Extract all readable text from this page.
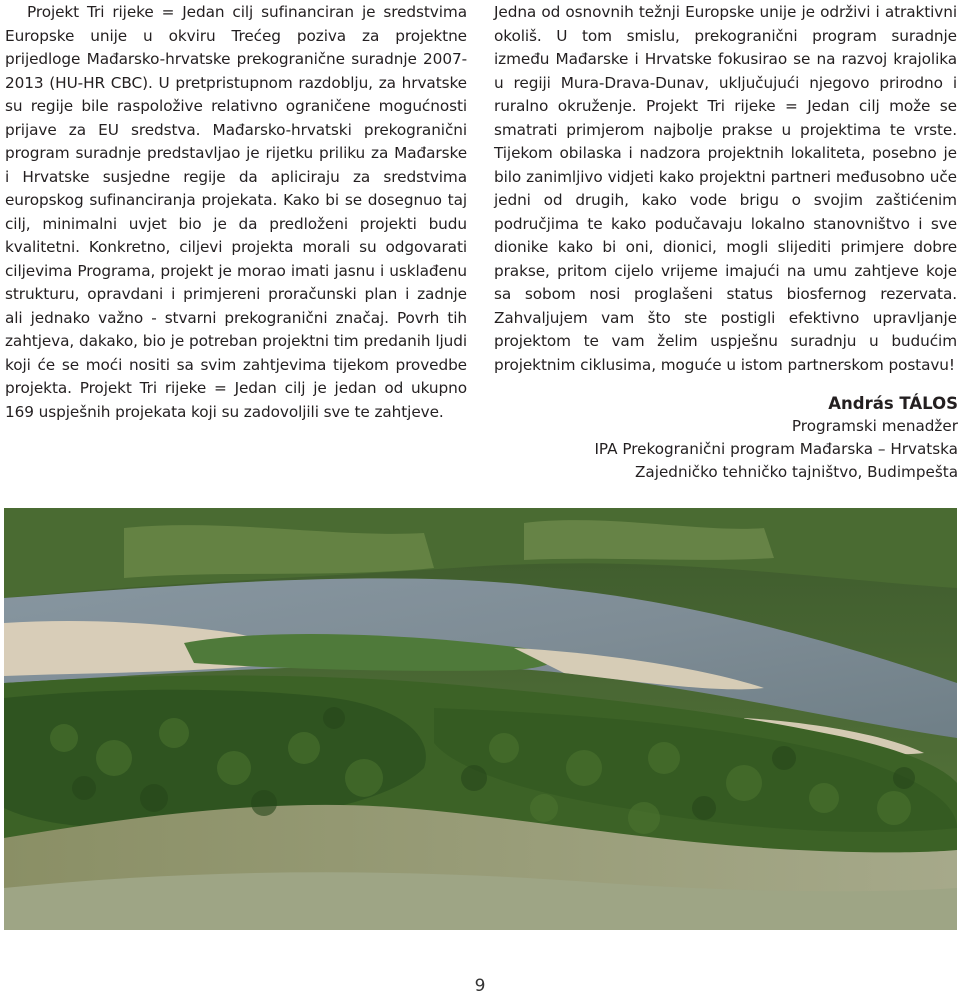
Projekt Tri rijeke = Jedan cilj sufinanciran je sredstvima Europske unije u okviru Trećeg poziva za projektne prijedloge Mađarsko-hrvatske prekogranične suradnje 2007-2013 (HU-HR CBC). U pretpristupnom razdoblju, za hrvatske su regije bile raspoložive relativno ograničene mogućnosti prijave za EU sredstva. Mađarsko-hrvatski prekogranični program suradnje predstavljao je rijetku priliku za Mađarske i Hrvatske susjedne regije da apliciraju za sredstvima europskog sufinanciranja projekata. Kako bi se dosegnuo taj cilj, minimalni uvjet bio je da predloženi projekti budu kvalitetni. Konkretno, ciljevi projekta morali su odgovarati ciljevima Programa, projekt je morao imati jasnu i usklađenu strukturu, opravdani i primjereni proračunski plan i zadnje ali jednako važno - stvarni prekogranični značaj. Povrh tih zahtjeva, dakako, bio je potreban projektni tim predanih ljudi koji će se moći nositi sa svim zahtjevima tijekom provedbe projekta. Projekt Tri rijeke = Jedan cilj je jedan od ukupno 169 uspješnih projekata koji su zadovoljili sve te zahtjeve.

Jedna od osnovnih težnji Europske unije je održivi i atraktivni okoliš. U tom smislu, prekogranični program suradnje između Mađarske i Hrvatske fokusirao se na razvoj krajolika u regiji Mura-Drava-Dunav, uključujući njegovo prirodno i ruralno okruženje. Projekt Tri rijeke = Jedan cilj može se smatrati primjerom najbolje prakse u projektima te vrste. Tijekom obilaska i nadzora projektnih lokaliteta, posebno je bilo zanimljivo vidjeti kako projektni partneri međusobno uče jedni od drugih, kako vode brigu o svojim zaštićenim područjima te kako podučavaju lokalno stanovništvo i sve dionike kako bi oni, dionici, mogli slijediti primjere dobre prakse, pritom cijelo vrijeme imajući na umu zahtjeve koje sa sobom nosi proglašeni status biosfernog rezervata. Zahvaljujem vam što ste postigli efektivno upravljanje projektom te vam želim uspješnu suradnju u budućim projektnim ciklusima, moguće u istom partnerskom postavu!

András TÁLOS
Programski menadžer
IPA Prekogranični program Mađarska – Hrvatska
Zajedničko tehničko tajništvo, Budimpešta
9
